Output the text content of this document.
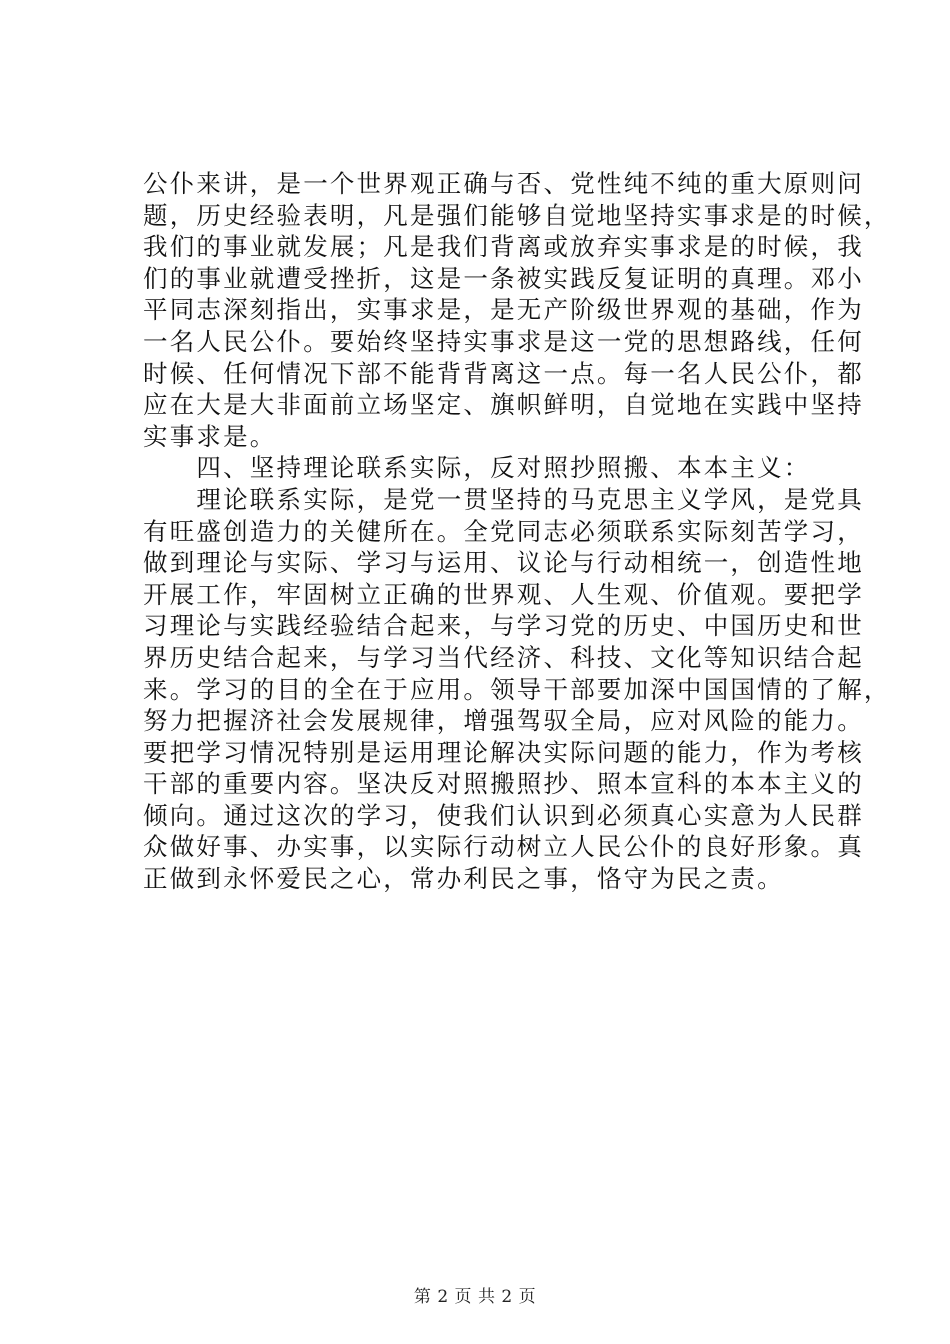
公仆来讲，是一个世界观正确与否、党性纯不纯的重大原则问
题，历史经验表明，凡是强们能够自觉地坚持实事求是的时候，
我们的事业就发展；凡是我们背离或放弃实事求是的时候，我
们的事业就遭受挫折，这是一条被实践反复证明的真理。邓小
平同志深刻指出，实事求是，是无产阶级世界观的基础，作为
一名人民公仆。要始终坚持实事求是这一党的思想路线，任何
时候、任何情况下部不能背背离这一点。每一名人民公仆，都
应在大是大非面前立场坚定、旗帜鲜明，自觉地在实践中坚持
实事求是。
　　四、坚持理论联系实际，反对照抄照搬、本本主义：
　　理论联系实际，是党一贯坚持的马克思主义学风，是党具
有旺盛创造力的关健所在。全党同志必须联系实际刻苦学习，
做到理论与实际、学习与运用、议论与行动相统一，创造性地
开展工作，牢固树立正确的世界观、人生观、价值观。要把学
习理论与实践经验结合起来，与学习党的历史、中国历史和世
界历史结合起来，与学习当代经济、科技、文化等知识结合起
来。学习的目的全在于应用。领导干部要加深中国国情的了解，
努力把握济社会发展规律，增强驾驭全局，应对风险的能力。
要把学习情况特别是运用理论解决实际问题的能力，作为考核
干部的重要内容。坚决反对照搬照抄、照本宣科的本本主义的
倾向。通过这次的学习，使我们认识到必须真心实意为人民群
众做好事、办实事，以实际行动树立人民公仆的良好形象。真
正做到永怀爱民之心，常办利民之事，恪守为民之责。
第 2 页 共 2 页
